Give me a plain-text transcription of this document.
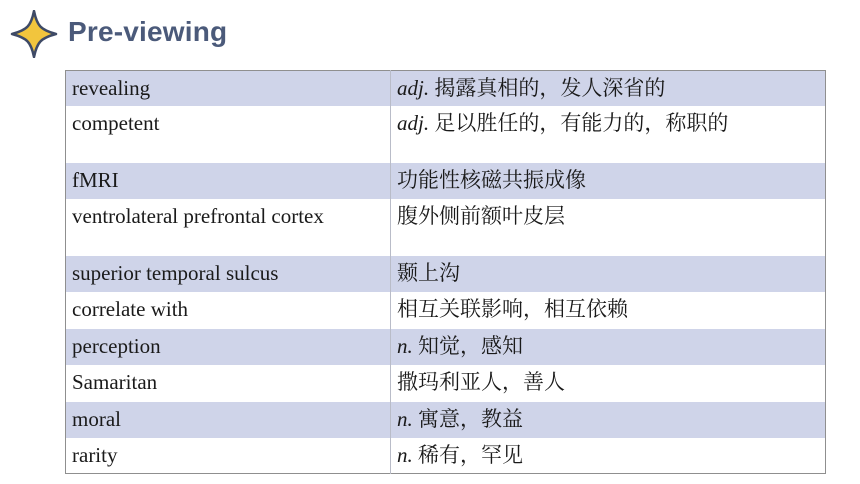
Pre-viewing
revealing	adj. 揭露真相的，发人深省的
competent	adj. 足以胜任的，有能力的，称职的
fMRI	功能性核磁共振成像
ventrolateral prefrontal cortex	腹外侧前额叶皮层
superior temporal sulcus	颞上沟
correlate with	相互关联影响，相互依赖
perception	n. 知觉，感知
Samaritan	撒玛利亚人，善人
moral	n. 寓意，教益
rarity	n. 稀有，罕见
